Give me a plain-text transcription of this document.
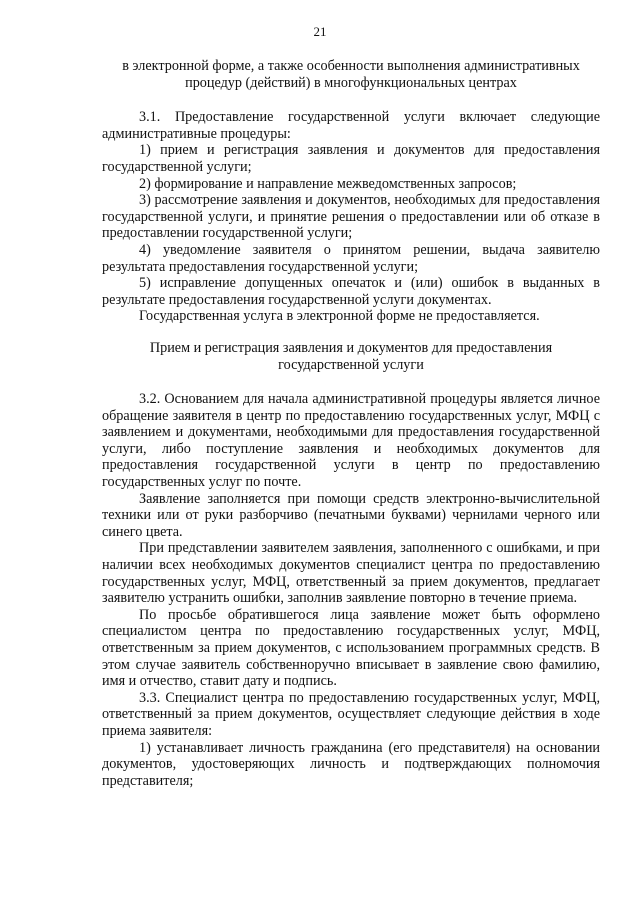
21

в электронной форме, а также особенности выполнения административных процедур (действий) в многофункциональных центрах

3.1. Предоставление государственной услуги включает следующие административные процедуры:

1) прием и регистрация заявления и документов для предоставления государственной услуги;

2) формирование и направление межведомственных запросов;

3) рассмотрение заявления и документов, необходимых для предоставления государственной услуги, и принятие решения о предоставлении или об отказе в предоставлении государственной услуги;

4) уведомление заявителя о принятом решении, выдача заявителю результата предоставления государственной услуги;

5) исправление допущенных опечаток и (или) ошибок в выданных в результате предоставления государственной услуги документах.

Государственная услуга в электронной форме не предоставляется.

Прием и регистрация заявления и документов для предоставления государственной услуги

3.2. Основанием для начала административной процедуры является личное обращение заявителя в центр по предоставлению государственных услуг, МФЦ с заявлением и документами, необходимыми для предоставления государственной услуги, либо поступление заявления и необходимых документов для предоставления государственной услуги в центр по предоставлению государственных услуг по почте.

Заявление заполняется при помощи средств электронно-вычислительной техники или от руки разборчиво (печатными буквами) чернилами черного или синего цвета.

При представлении заявителем заявления, заполненного с ошибками, и при наличии всех необходимых документов специалист центра по предоставлению государственных услуг, МФЦ, ответственный за прием документов, предлагает заявителю устранить ошибки, заполнив заявление повторно в течение приема.

По просьбе обратившегося лица заявление может быть оформлено специалистом центра по предоставлению государственных услуг, МФЦ, ответственным за прием документов, с использованием программных средств. В этом случае заявитель собственноручно вписывает в заявление свою фамилию, имя и отчество, ставит дату и подпись.

3.3. Специалист центра по предоставлению государственных услуг, МФЦ, ответственный за прием документов, осуществляет следующие действия в ходе приема заявителя:

1) устанавливает личность гражданина (его представителя) на основании документов, удостоверяющих личность и подтверждающих полномочия представителя;
